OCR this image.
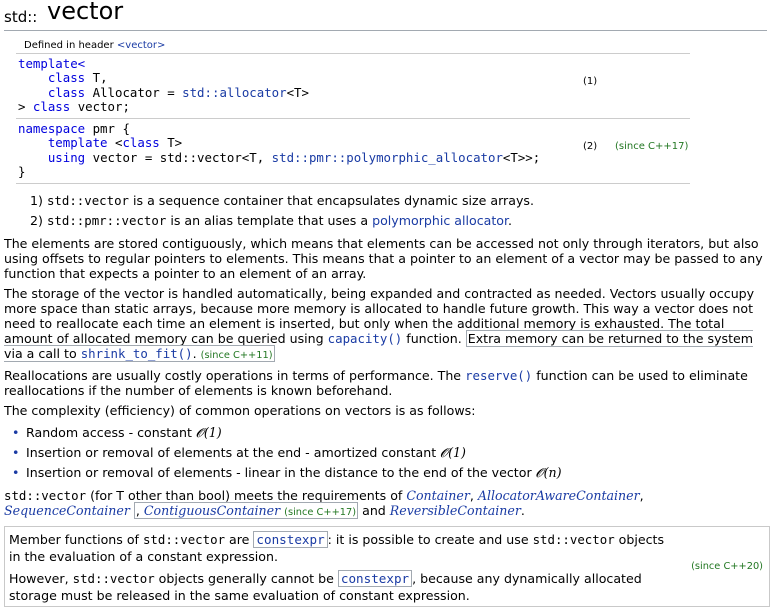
std:: vector
Defined in header <vector>
template<
class T,
class Allocator = std::allocator<T>
> class vector;
(1)
namespace pmr {
template <class T>
using vector = std::vector<T, std::pmr::polymorphic_allocator<T>>;
}
(2) (since C++17)
1) std::vector is a sequence container that encapsulates dynamic size arrays.
2) std::pmr::vector is an alias template that uses a polymorphic allocator.

The elements are stored contiguously, which means that elements can be accessed not only through iterators, but also using offsets to regular pointers to elements. This means that a pointer to an element of a vector may be passed to any function that expects a pointer to an element of an array.

The storage of the vector is handled automatically, being expanded and contracted as needed. Vectors usually occupy more space than static arrays, because more memory is allocated to handle future growth. This way a vector does not need to reallocate each time an element is inserted, but only when the additional memory is exhausted. The total amount of allocated memory can be queried using capacity() function. Extra memory can be returned to the system via a call to shrink_to_fit(). (since C++11)

Reallocations are usually costly operations in terms of performance. The reserve() function can be used to eliminate reallocations if the number of elements is known beforehand.

The complexity (efficiency) of common operations on vectors is as follows:

• Random access - constant 𝓞(1)
• Insertion or removal of elements at the end - amortized constant 𝓞(1)
• Insertion or removal of elements - linear in the distance to the end of the vector 𝓞(n)

std::vector (for T other than bool) meets the requirements of Container, AllocatorAwareContainer, SequenceContainer , ContiguousContainer (since C++17) and ReversibleContainer.

Member functions of std::vector are constexpr : it is possible to create and use std::vector objects in the evaluation of a constant expression.

However, std::vector objects generally cannot be constexpr , because any dynamically allocated storage must be released in the same evaluation of constant expression.

(since C++20)
